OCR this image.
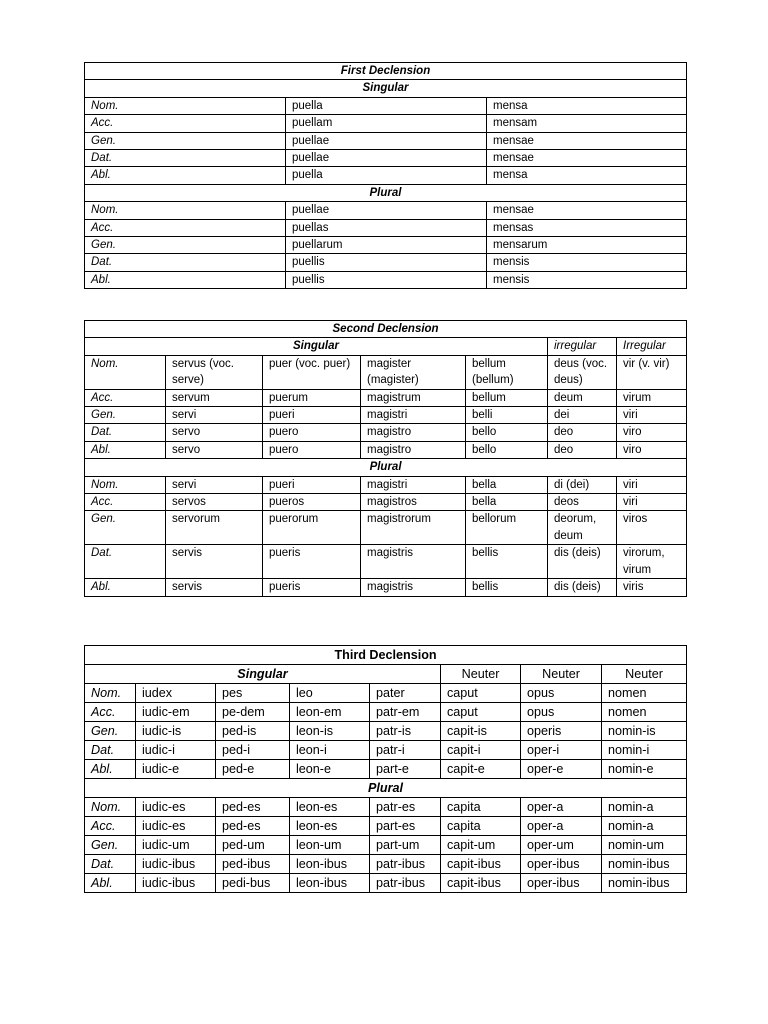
First Declension		
Singular		
Nom.	puella	mensa
Acc.	puellam	mensam
Gen.	puellae	mensae
Dat.	puellae	mensae
Abl.	puella	mensa
Plural		
Nom.	puellae	mensae
Acc.	puellas	mensas
Gen.	puellarum	mensarum
Dat.	puellis	mensis
Abl.	puellis	mensis
Second Declension						
Singular					irregular	Irregular
Nom.	servus (voc. serve)	puer (voc. puer)	magister (magister)	bellum (bellum)	deus (voc. deus)	vir (v. vir)
Acc.	servum	puerum	magistrum	bellum	deum	virum
Gen.	servi	pueri	magistri	belli	dei	viri
Dat.	servo	puero	magistro	bello	deo	viro
Abl.	servo	puero	magistro	bello	deo	viro
Plural						
Nom.	servi	pueri	magistri	bella	di (dei)	viri
Acc.	servos	pueros	magistros	bella	deos	viri
Gen.	servorum	puerorum	magistrorum	bellorum	deorum, deum	viros
Dat.	servis	pueris	magistris	bellis	dis (deis)	virorum, virum
Abl.	servis	pueris	magistris	bellis	dis (deis)	viris
Third Declension							
Singular					Neuter	Neuter	Neuter
Nom.	iudex	pes	leo	pater	caput	opus	nomen
Acc.	iudic-em	pe-dem	leon-em	patr-em	caput	opus	nomen
Gen.	iudic-is	ped-is	leon-is	patr-is	capit-is	operis	nomin-is
Dat.	iudic-i	ped-i	leon-i	patr-i	capit-i	oper-i	nomin-i
Abl.	iudic-e	ped-e	leon-e	part-e	capit-e	oper-e	nomin-e
Plural							
Nom.	iudic-es	ped-es	leon-es	patr-es	capita	oper-a	nomin-a
Acc.	iudic-es	ped-es	leon-es	part-es	capita	oper-a	nomin-a
Gen.	iudic-um	ped-um	leon-um	part-um	capit-um	oper-um	nomin-um
Dat.	iudic-ibus	ped-ibus	leon-ibus	patr-ibus	capit-ibus	oper-ibus	nomin-ibus
Abl.	iudic-ibus	pedi-bus	leon-ibus	patr-ibus	capit-ibus	oper-ibus	nomin-ibus
